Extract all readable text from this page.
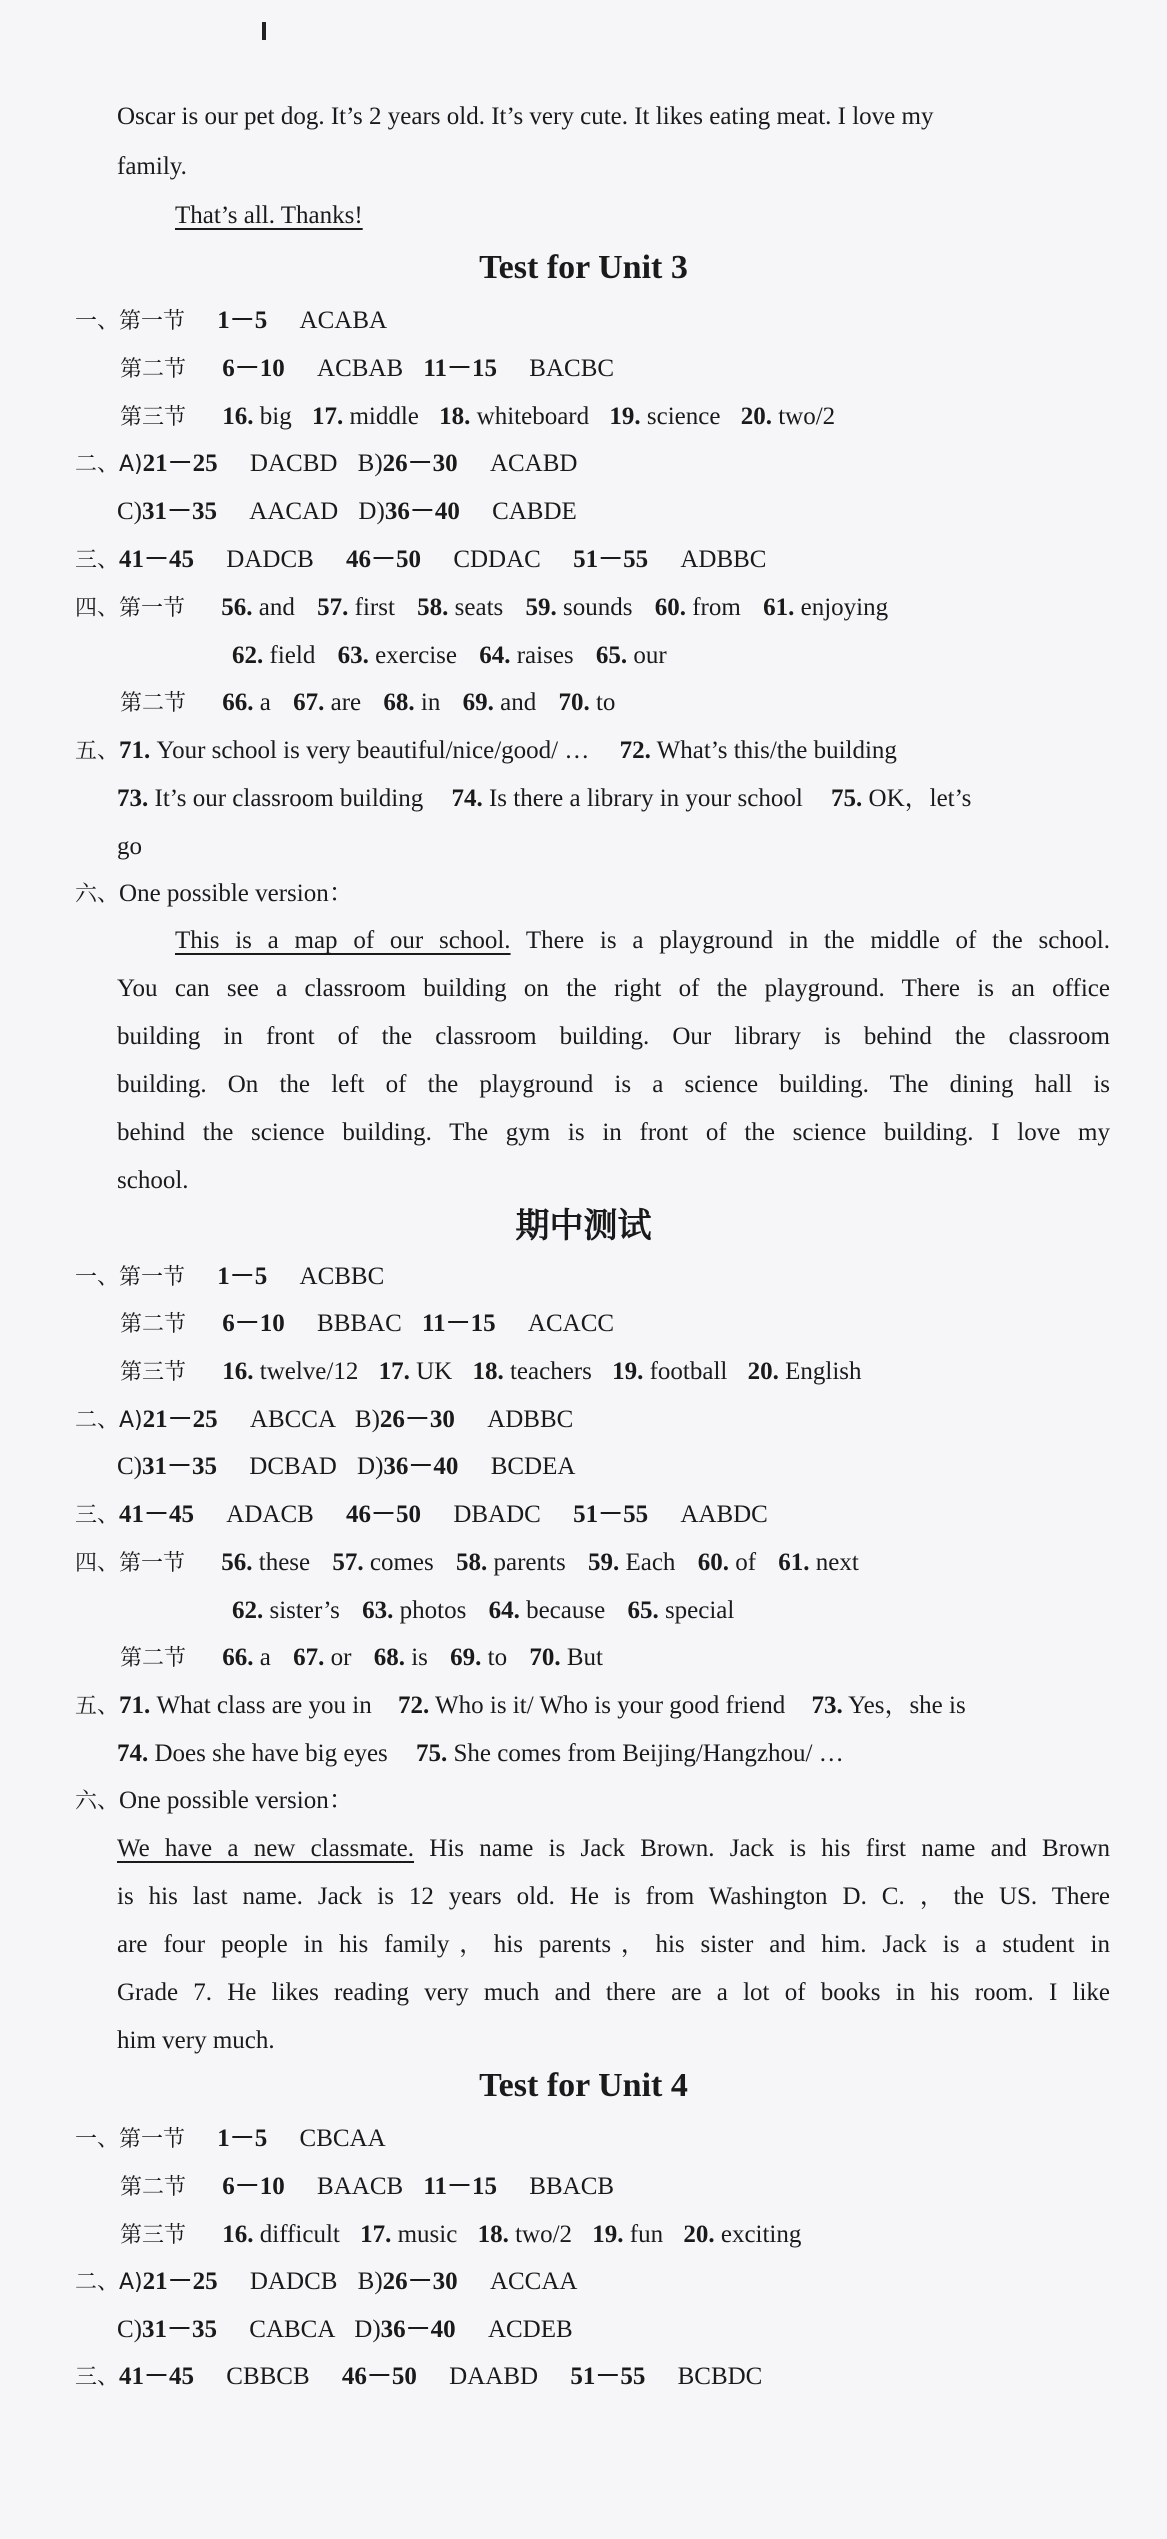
Oscar is our pet dog. It’s 2 years old. It’s very cute. It likes eating meat. I love my
family.
That’s all. Thanks!
Test for Unit 3
一、第一节 1－5 ACABA
第二节 6－10 ACBAB 11－15 BACBC
第三节 16. big 17. middle 18. whiteboard 19. science 20. two/2
二、A)21－25 DACBD B)26－30 ACABD
C)31－35 AACAD D)36－40 CABDE
三、41－45 DADCB 46－50 CDDAC 51－55 ADBBC
四、第一节 56. and 57. first 58. seats 59. sounds 60. from 61. enjoying
62. field 63. exercise 64. raises 65. our
第二节 66. a 67. are 68. in 69. and 70. to
五、71. Your school is very beautiful/nice/good/ … 72. What’s this/the building
73. It’s our classroom building 74. Is there a library in your school 75. OK，let’s
go
六、One possible version：
This is a map of our school. There is a playground in the middle of the school.
You can see a classroom building on the right of the playground. There is an office
building in front of the classroom building. Our library is behind the classroom
building. On the left of the playground is a science building. The dining hall is
behind the science building. The gym is in front of the science building. I love my
school.
期中测试
一、第一节 1－5 ACBBC
第二节 6－10 BBBAC 11－15 ACACC
第三节 16. twelve/12 17. UK 18. teachers 19. football 20. English
二、A)21－25 ABCCA B)26－30 ADBBC
C)31－35 DCBAD D)36－40 BCDEA
三、41－45 ADACB 46－50 DBADC 51－55 AABDC
四、第一节 56. these 57. comes 58. parents 59. Each 60. of 61. next
62. sister’s 63. photos 64. because 65. special
第二节 66. a 67. or 68. is 69. to 70. But
五、71. What class are you in 72. Who is it/ Who is your good friend 73. Yes，she is
74. Does she have big eyes 75. She comes from Beijing/Hangzhou/ …
六、One possible version：
We have a new classmate. His name is Jack Brown. Jack is his first name and Brown
is his last name. Jack is 12 years old. He is from Washington D. C. ，the US. There
are four people in his family，his parents，his sister and him. Jack is a student in
Grade 7. He likes reading very much and there are a lot of books in his room. I like
him very much.
Test for Unit 4
一、第一节 1－5 CBCAA
第二节 6－10 BAACB 11－15 BBACB
第三节 16. difficult 17. music 18. two/2 19. fun 20. exciting
二、A)21－25 DADCB B)26－30 ACCAA
C)31－35 CABCA D)36－40 ACDEB
三、41－45 CBBCB 46－50 DAABD 51－55 BCBDC
